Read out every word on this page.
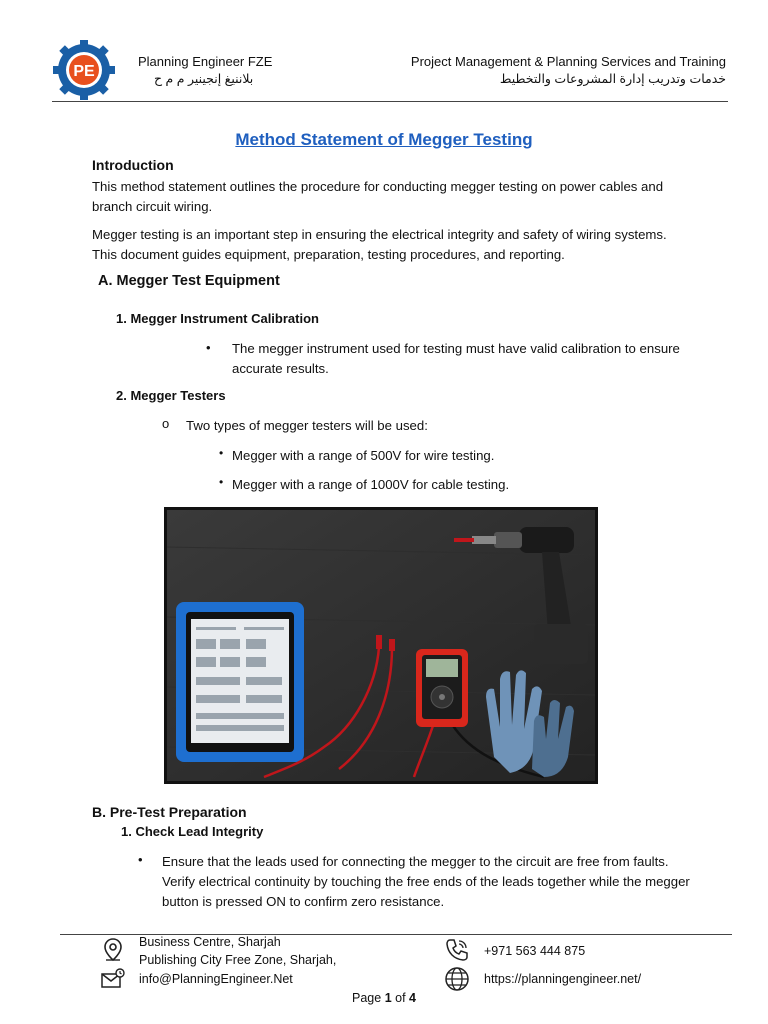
PE
Planning Engineer FZE
بلاننيغ إنجينير م م ح
Project Management & Planning Services and Training
خدمات وتدريب إدارة المشروعات والتخطيط
Method Statement of Megger Testing
Introduction
This method statement outlines the procedure for conducting megger testing on power cables and branch circuit wiring.
Megger testing is an important step in ensuring the electrical integrity and safety of wiring systems. This document guides equipment, preparation, testing procedures, and reporting.
A. Megger Test Equipment
1. Megger Instrument Calibration
• The megger instrument used for testing must have valid calibration to ensure accurate results.
2. Megger Testers
o Two types of megger testers will be used:
• Megger with a range of 500V for wire testing.
• Megger with a range of 1000V for cable testing.
B. Pre-Test Preparation
1. Check Lead Integrity
• Ensure that the leads used for connecting the megger to the circuit are free from faults. Verify electrical continuity by touching the free ends of the leads together while the megger button is pressed ON to confirm zero resistance.
Business Centre, Sharjah
Publishing City Free Zone, Sharjah,
info@PlanningEngineer.Net
+971 563 444 875
https://planningengineer.net/
Page 1 of 4
